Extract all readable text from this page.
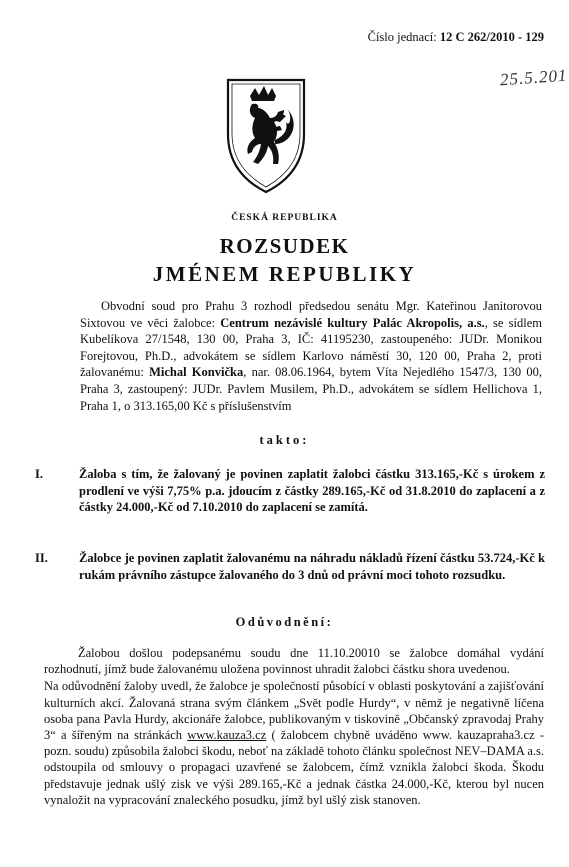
Číslo jednací: 12 C 262/2010 - 129
25.5.201
ČESKÁ REPUBLIKA
ROZSUDEK
JMÉNEM REPUBLIKY

Obvodní soud pro Prahu 3 rozhodl předsedou senátu Mgr. Kateřinou Janitorovou Sixtovou ve věci žalobce: Centrum nezávislé kultury Palác Akropolis, a.s., se sídlem Kubelíkova 27/1548, 130 00, Praha 3, IČ: 41195230, zastoupeného: JUDr. Monikou Forejtovou, Ph.D., advokátem se sídlem Karlovo náměstí 30, 120 00, Praha 2, proti žalovanému: Michal Konvička, nar. 08.06.1964, bytem Víta Nejedlého 1547/3, 130 00, Praha 3, zastoupený: JUDr. Pavlem Musilem, Ph.D., advokátem se sídlem Hellichova 1, Praha 1, o 313.165,00 Kč s příslušenstvím

takto:
I.	Žaloba s tím, že žalovaný je povinen zaplatit žalobci částku 313.165,-Kč s úrokem z prodlení ve výši 7,75% p.a. jdoucím z částky 289.165,-Kč od 31.8.2010 do zaplacení a z částky 24.000,-Kč od 7.10.2010 do zaplacení se zamítá.
II. Žalobce je povinen zaplatit žalovanému na náhradu nákladů řízení částku 53.724,-Kč k rukám právního zástupce žalovaného do 3 dnů od právní moci tohoto rozsudku.
Odůvodnění:

Žalobou došlou podepsanému soudu dne 11.10.20010 se žalobce domáhal vydání rozhodnutí, jímž bude žalovanému uložena povinnost uhradit žalobci částku shora uvedenou.

Na odůvodnění žaloby uvedl, že žalobce je společností působící v oblasti poskytování a zajišťování kulturních akcí. Žalovaná strana svým článkem „Svět podle Hurdy“, v němž je negativně líčena osoba pana Pavla Hurdy, akcionáře žalobce, publikovaným v tiskovině „Občanský zpravodaj Prahy 3“ a šířeným na stránkách www.kauza3.cz ( žalobcem chybně uváděno www. kauzapraha3.cz - pozn. soudu) způsobila žalobci škodu, neboť na základě tohoto článku společnost NEV–DAMA a.s. odstoupila od smlouvy o propagaci uzavřené se žalobcem, čímž vznikla žalobci škoda. Škodu představuje jednak ušlý zisk ve výši 289.165,-Kč a jednak částka 24.000,-Kč, kterou byl nucen vynaložit na vypracování znaleckého posudku, jímž byl ušlý zisk stanoven.
